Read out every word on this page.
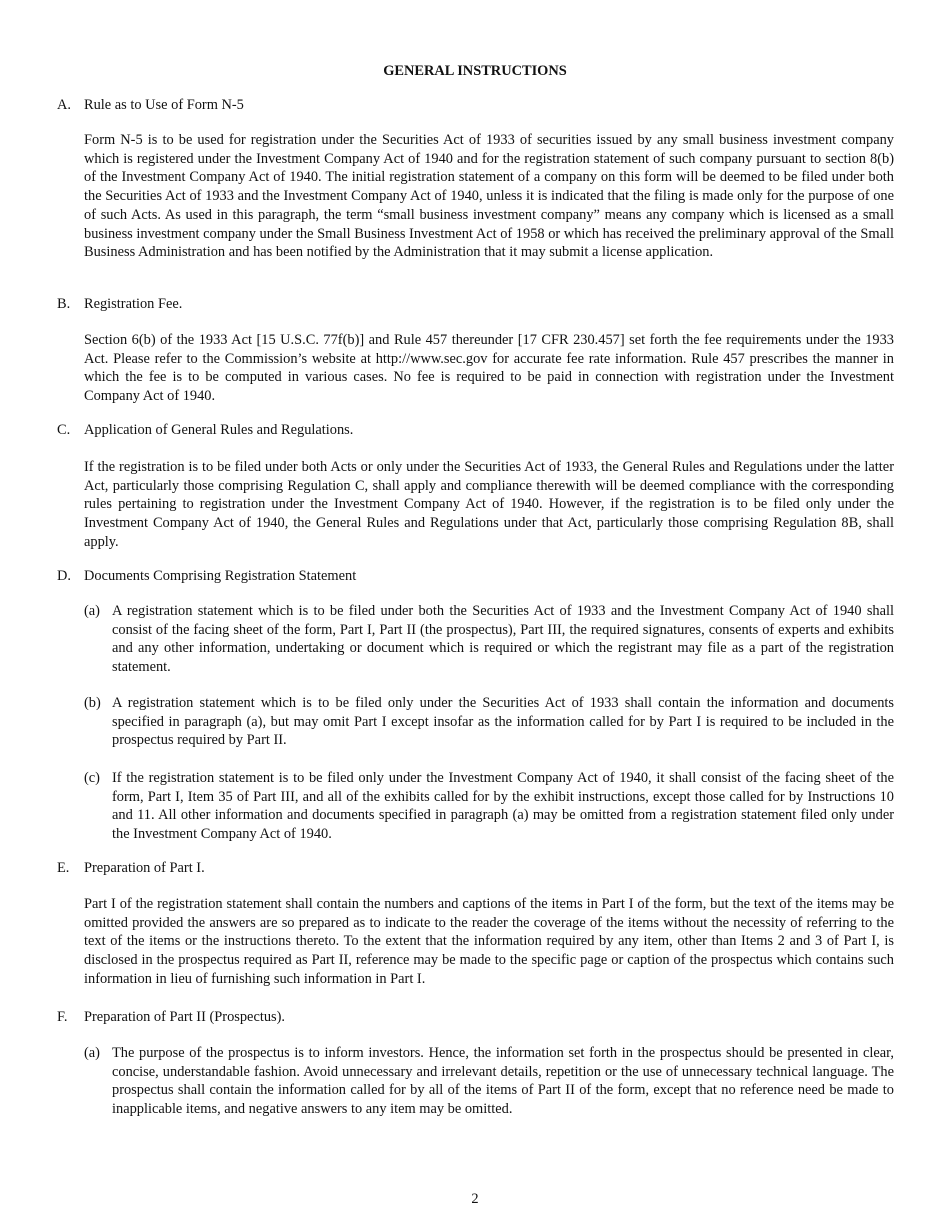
GENERAL INSTRUCTIONS
A. Rule as to Use of Form N-5

Form N-5 is to be used for registration under the Securities Act of 1933 of securities issued by any small business investment company which is registered under the Investment Company Act of 1940 and for the registration statement of such company pursuant to section 8(b) of the Investment Company Act of 1940. The initial registration statement of a company on this form will be deemed to be filed under both the Securities Act of 1933 and the Investment Company Act of 1940, unless it is indicated that the filing is made only for the purpose of one of such Acts. As used in this paragraph, the term “small business investment company” means any company which is licensed as a small business investment company under the Small Business Investment Act of 1958 or which has received the preliminary approval of the Small Business Administration and has been notified by the Administration that it may submit a license application.

B. Registration Fee.

Section 6(b) of the 1933 Act [15 U.S.C. 77f(b)] and Rule 457 thereunder [17 CFR 230.457] set forth the fee requirements under the 1933 Act. Please refer to the Commission’s website at http://www.sec.gov for accurate fee rate information. Rule 457 prescribes the manner in which the fee is to be computed in various cases. No fee is required to be paid in connection with registration under the Investment Company Act of 1940.

C. Application of General Rules and Regulations.

If the registration is to be filed under both Acts or only under the Securities Act of 1933, the General Rules and Regulations under the latter Act, particularly those comprising Regulation C, shall apply and compliance therewith will be deemed compliance with the corresponding rules pertaining to registration under the Investment Company Act of 1940. However, if the registration is to be filed only under the Investment Company Act of 1940, the General Rules and Regulations under that Act, particularly those comprising Regulation 8B, shall apply.

D. Documents Comprising Registration Statement
(a) A registration statement which is to be filed under both the Securities Act of 1933 and the Investment Company Act of 1940 shall consist of the facing sheet of the form, Part I, Part II (the prospectus), Part III, the required signatures, consents of experts and exhibits and any other information, undertaking or document which is required or which the registrant may file as a part of the registration statement.

(b) A registration statement which is to be filed only under the Securities Act of 1933 shall contain the information and documents specified in paragraph (a), but may omit Part I except insofar as the information called for by Part I is required to be included in the prospectus required by Part II.

(c) If the registration statement is to be filed only under the Investment Company Act of 1940, it shall consist of the facing sheet of the form, Part I, Item 35 of Part III, and all of the exhibits called for by the exhibit instructions, except those called for by Instructions 10 and 11. All other information and documents specified in paragraph (a) may be omitted from a registration statement filed only under the Investment Company Act of 1940.

E. Preparation of Part I.

Part I of the registration statement shall contain the numbers and captions of the items in Part I of the form, but the text of the items may be omitted provided the answers are so prepared as to indicate to the reader the coverage of the items without the necessity of referring to the text of the items or the instructions thereto. To the extent that the information required by any item, other than Items 2 and 3 of Part I, is disclosed in the prospectus required as Part II, reference may be made to the specific page or caption of the prospectus which contains such information in lieu of furnishing such information in Part I.

F. Preparation of Part II (Prospectus).
(a) The purpose of the prospectus is to inform investors. Hence, the information set forth in the prospectus should be presented in clear, concise, understandable fashion. Avoid unnecessary and irrelevant details, repetition or the use of unnecessary technical language. The prospectus shall contain the information called for by all of the items of Part II of the form, except that no reference need be made to inapplicable items, and negative answers to any item may be omitted.

2
